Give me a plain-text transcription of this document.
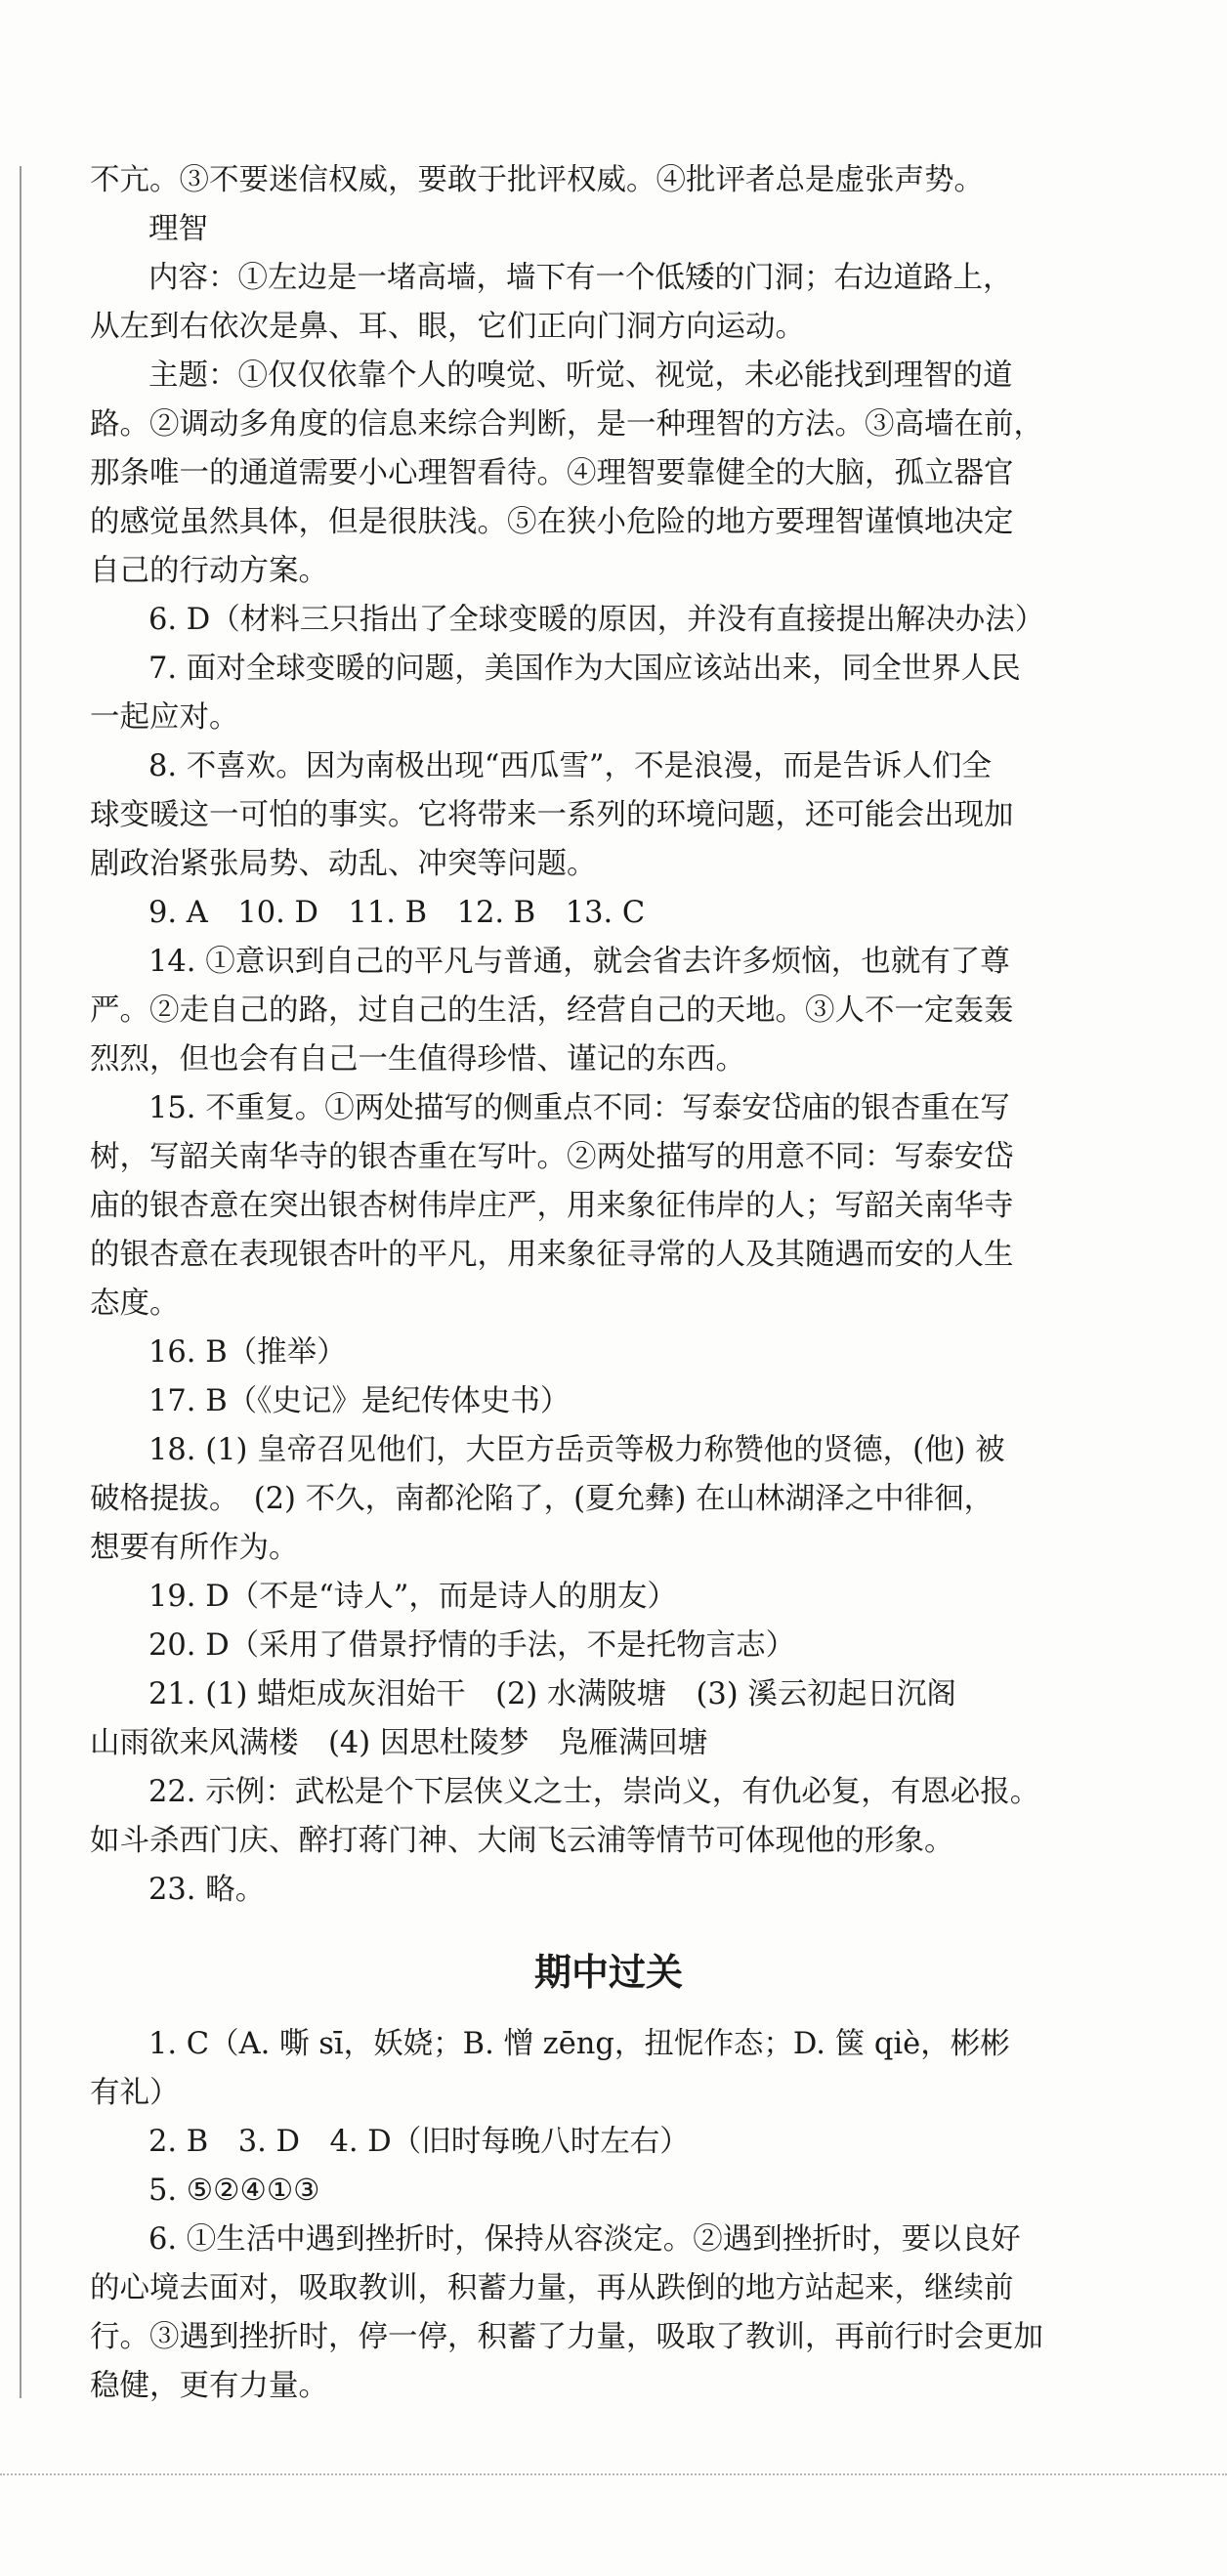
不亢。③不要迷信权威，要敢于批评权威。④批评者总是虚张声势。

理智

内容：①左边是一堵高墙，墙下有一个低矮的门洞；右边道路上，

从左到右依次是鼻、耳、眼，它们正向门洞方向运动。

主题：①仅仅依靠个人的嗅觉、听觉、视觉，未必能找到理智的道

路。②调动多角度的信息来综合判断，是一种理智的方法。③高墙在前，

那条唯一的通道需要小心理智看待。④理智要靠健全的大脑，孤立器官

的感觉虽然具体，但是很肤浅。⑤在狭小危险的地方要理智谨慎地决定

自己的行动方案。

6. D（材料三只指出了全球变暖的原因，并没有直接提出解决办法）

7. 面对全球变暖的问题，美国作为大国应该站出来，同全世界人民

一起应对。

8. 不喜欢。因为南极出现“西瓜雪”，不是浪漫，而是告诉人们全

球变暖这一可怕的事实。它将带来一系列的环境问题，还可能会出现加

剧政治紧张局势、动乱、冲突等问题。

9. A　10. D　11. B　12. B　13. C

14. ①意识到自己的平凡与普通，就会省去许多烦恼，也就有了尊

严。②走自己的路，过自己的生活，经营自己的天地。③人不一定轰轰

烈烈，但也会有自己一生值得珍惜、谨记的东西。

15. 不重复。①两处描写的侧重点不同：写泰安岱庙的银杏重在写

树，写韶关南华寺的银杏重在写叶。②两处描写的用意不同：写泰安岱

庙的银杏意在突出银杏树伟岸庄严，用来象征伟岸的人；写韶关南华寺

的银杏意在表现银杏叶的平凡，用来象征寻常的人及其随遇而安的人生

态度。

16. B（推举）

17. B（《史记》是纪传体史书）

18. (1) 皇帝召见他们，大臣方岳贡等极力称赞他的贤德，(他) 被

破格提拔。　(2) 不久，南都沦陷了，(夏允彝) 在山林湖泽之中徘徊，

想要有所作为。

19. D（不是“诗人”，而是诗人的朋友）

20. D（采用了借景抒情的手法，不是托物言志）

21. (1) 蜡炬成灰泪始干　(2) 水满陂塘　(3) 溪云初起日沉阁

山雨欲来风满楼　(4) 因思杜陵梦　凫雁满回塘

22. 示例：武松是个下层侠义之士，崇尚义，有仇必复，有恩必报。

如斗杀西门庆、醉打蒋门神、大闹飞云浦等情节可体现他的形象。

23. 略。

期中过关

1. C（A. 嘶 sī，妖娆；B. 憎 zēng，扭怩作态；D. 箧 qiè，彬彬

有礼）

2. B　3. D　4. D（旧时每晚八时左右）

5. ⑤②④①③

6. ①生活中遇到挫折时，保持从容淡定。②遇到挫折时，要以良好

的心境去面对，吸取教训，积蓄力量，再从跌倒的地方站起来，继续前

行。③遇到挫折时，停一停，积蓄了力量，吸取了教训，再前行时会更加

稳健，更有力量。
